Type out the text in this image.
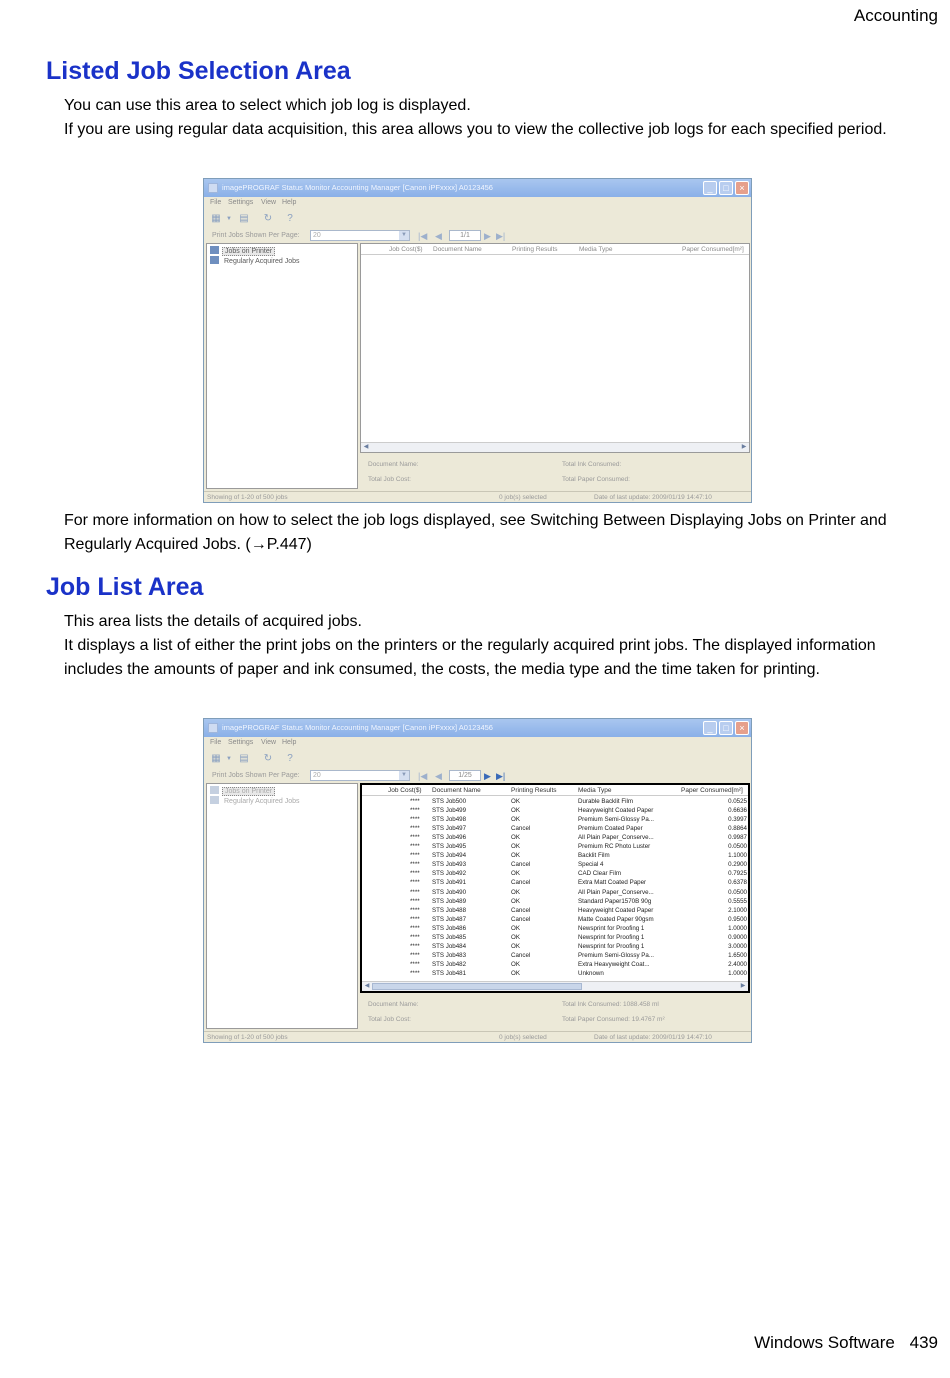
Accounting
Listed Job Selection Area
You can use this area to select which job log is displayed.
If you are using regular data acquisition, this area allows you to view the collective job logs for each specified period.
imagePROGRAF Status Monitor Accounting Manager [Canon iPFxxxx] A0123456	_	□	×
File Settings View Help
▦ ▼ ▤ ↻	?
Print Jobs Shown Per Page:	20	▼ |◀ ◀	1/1	▶ ▶|
Jobs on Printer
Regularly Acquired Jobs
Job Cost($) Document Name	Printing Results	Media Type	Paper Consumed[m²]
◀	▶
Document Name:
Total Job Cost:
Total Ink Consumed:
Total Paper Consumed:
Showing of 1-20 of 500 jobs	0 job(s) selected	Date of last update: 2009/01/19 14:47:10
For more information on how to select the job logs displayed, see Switching Between Displaying Jobs on Printer and Regularly Acquired Jobs. (→P.447)
Job List Area
This area lists the details of acquired jobs.
It displays a list of either the print jobs on the printers or the regularly acquired print jobs. The displayed information includes the amounts of paper and ink consumed, the costs, the media type and the time taken for printing.
imagePROGRAF Status Monitor Accounting Manager [Canon iPFxxxx] A0123456	_	□	×
File Settings View Help
▦ ▼ ▤ ↻	?
Print Jobs Shown Per Page:	20	▼ |◀ ◀	1/25	▶ ▶|
Jobs on Printer
Regularly Acquired Jobs
Job Cost($) Document Name	Printing Results	Media Type	Paper Consumed[m²]
◀	▶
**** STS Job500	OK	Durable Backlit Film	0.0525
**** STS Job499	OK	Heavyweight Coated Paper	0.6636
**** STS Job498	OK	Premium Semi-Glossy Pa...	0.3997
**** STS Job497	Cancel	Premium Coated Paper	0.8864
**** STS Job496	OK	All Plain Paper_Conserve...	0.9987
**** STS Job495	OK	Premium RC Photo Luster	0.0500
**** STS Job494	OK	Backlit Film	1.1000
**** STS Job493	Cancel	Special 4	0.2900
**** STS Job492	OK	CAD Clear Film	0.7925
**** STS Job491	Cancel	Extra Matt Coated Paper	0.6378
**** STS Job490	OK	All Plain Paper_Conserve...	0.0500
**** STS Job489	OK	Standard Paper1570B 90g	0.5555
**** STS Job488	Cancel	Heavyweight Coated Paper	2.1000
**** STS Job487	Cancel	Matte Coated Paper 90gsm	0.9500
**** STS Job486	OK	Newsprint for Proofing 1	1.0000
**** STS Job485	OK	Newsprint for Proofing 1	0.9000
**** STS Job484	OK	Newsprint for Proofing 1	3.0000
**** STS Job483	Cancel	Premium Semi-Glossy Pa...	1.6500
**** STS Job482	OK	Extra Heavyweight Coat...	2.4000
**** STS Job481	OK	Unknown	1.0000
Document Name:
Total Job Cost:
Total Ink Consumed: 1088.458 ml
Total Paper Consumed: 19.4767 m²
Showing of 1-20 of 500 jobs	0 job(s) selected	Date of last update: 2009/01/19 14:47:10
Windows Software 439
